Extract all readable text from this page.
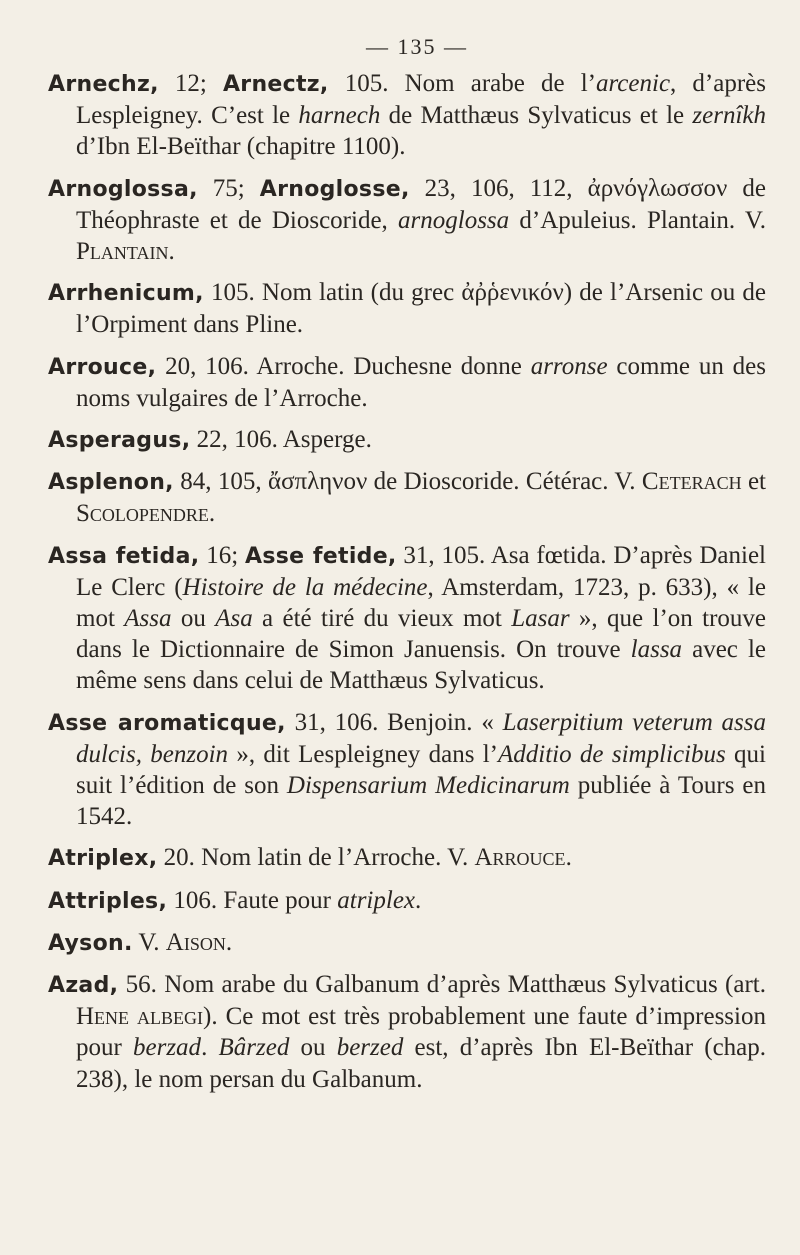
— 135 —

Arnechz, 12; Arnectz, 105. Nom arabe de l’arcenic, d’après Lespleigney. C’est le harnech de Matthæus Sylvaticus et le zernîkh d’Ibn El-Beïthar (chapitre 1100).

Arnoglossa, 75; Arnoglosse, 23, 106, 112, ἀρνόγλωσσον de Théophraste et de Dioscoride, arnoglossa d’Apuleius. Plantain. V. Plantain.

Arrhenicum, 105. Nom latin (du grec ἀῤῥενικόν) de l’Arsenic ou de l’Orpiment dans Pline.

Arrouce, 20, 106. Arroche. Duchesne donne arronse comme un des noms vulgaires de l’Arroche.

Asperagus, 22, 106. Asperge.

Asplenon, 84, 105, ἄσπληνον de Dioscoride. Cétérac. V. Ceterach et Scolopendre.

Assa fetida, 16; Asse fetide, 31, 105. Asa fœtida. D’après Daniel Le Clerc (Histoire de la médecine, Amsterdam, 1723, p. 633), « le mot Assa ou Asa a été tiré du vieux mot Lasar », que l’on trouve dans le Dictionnaire de Simon Januensis. On trouve lassa avec le même sens dans celui de Matthæus Sylvaticus.

Asse aromaticque, 31, 106. Benjoin. « Laserpitium veterum assa dulcis, benzoin », dit Lespleigney dans l’Additio de simplicibus qui suit l’édition de son Dispensarium Medicinarum publiée à Tours en 1542.

Atriplex, 20. Nom latin de l’Arroche. V. Arrouce.

Attriples, 106. Faute pour atriplex.

Ayson. V. Aison.

Azad, 56. Nom arabe du Galbanum d’après Matthæus Sylvaticus (art. Hene albegi). Ce mot est très probablement une faute d’impression pour berzad. Bârzed ou berzed est, d’après Ibn El-Beïthar (chap. 238), le nom persan du Galbanum.
